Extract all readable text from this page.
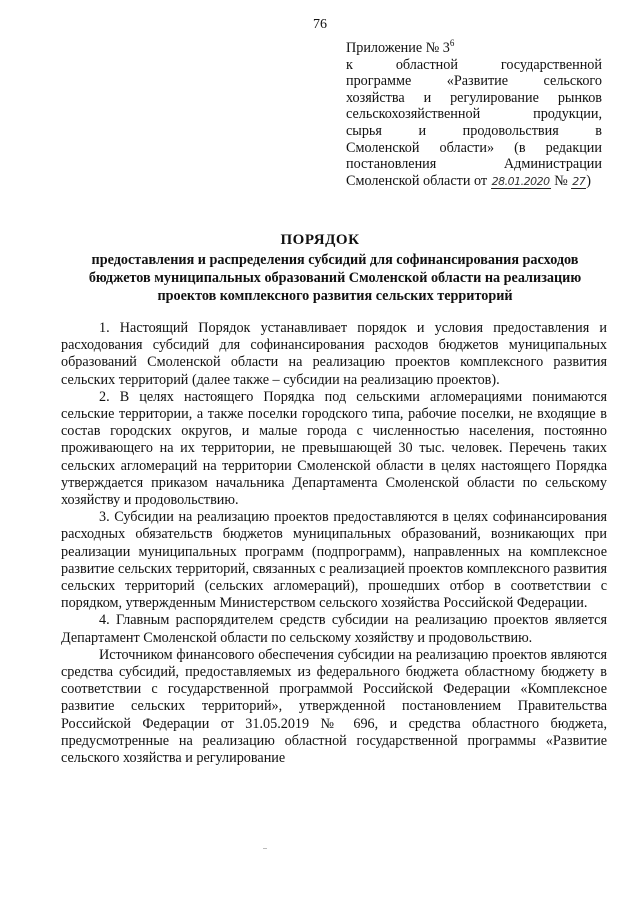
76
Приложение № $3^6$
к областной государственной
программе «Развитие сельского
хозяйства и регулирование рынков
сельскохозяйственной продукции,
сырья и продовольствия в
Смоленской области» (в редакции
постановления Администрации
Смоленской области от 28.01.2020 № 27)
ПОРЯДОК
предоставления и распределения субсидий для софинансирования расходов бюджетов муниципальных образований Смоленской области на реализацию проектов комплексного развития сельских территорий

1. Настоящий Порядок устанавливает порядок и условия предоставления и расходования субсидий для софинансирования расходов бюджетов муниципальных образований Смоленской области на реализацию проектов комплексного развития сельских территорий (далее также – субсидии на реализацию проектов).

2. В целях настоящего Порядка под сельскими агломерациями понимаются сельские территории, а также поселки городского типа, рабочие поселки, не входящие в состав городских округов, и малые города с численностью населения, постоянно проживающего на их территории, не превышающей 30 тыс. человек. Перечень таких сельских агломераций на территории Смоленской области в целях настоящего Порядка утверждается приказом начальника Департамента Смоленской области по сельскому хозяйству и продовольствию.

3. Субсидии на реализацию проектов предоставляются в целях софинансирования расходных обязательств бюджетов муниципальных образований, возникающих при реализации муниципальных программ (подпрограмм), направленных на комплексное развитие сельских территорий, связанных с реализацией проектов комплексного развития сельских территорий (сельских агломераций), прошедших отбор в соответствии с порядком, утвержденным Министерством сельского хозяйства Российской Федерации.

4. Главным распорядителем средств субсидии на реализацию проектов является Департамент Смоленской области по сельскому хозяйству и продовольствию.

Источником финансового обеспечения субсидии на реализацию проектов являются средства субсидий, предоставляемых из федерального бюджета областному бюджету в соответствии с государственной программой Российской Федерации «Комплексное развитие сельских территорий», утвержденной постановлением Правительства Российской Федерации от 31.05.2019 № 696, и средства областного бюджета, предусмотренные на реализацию областной государственной программы «Развитие сельского хозяйства и регулирование
